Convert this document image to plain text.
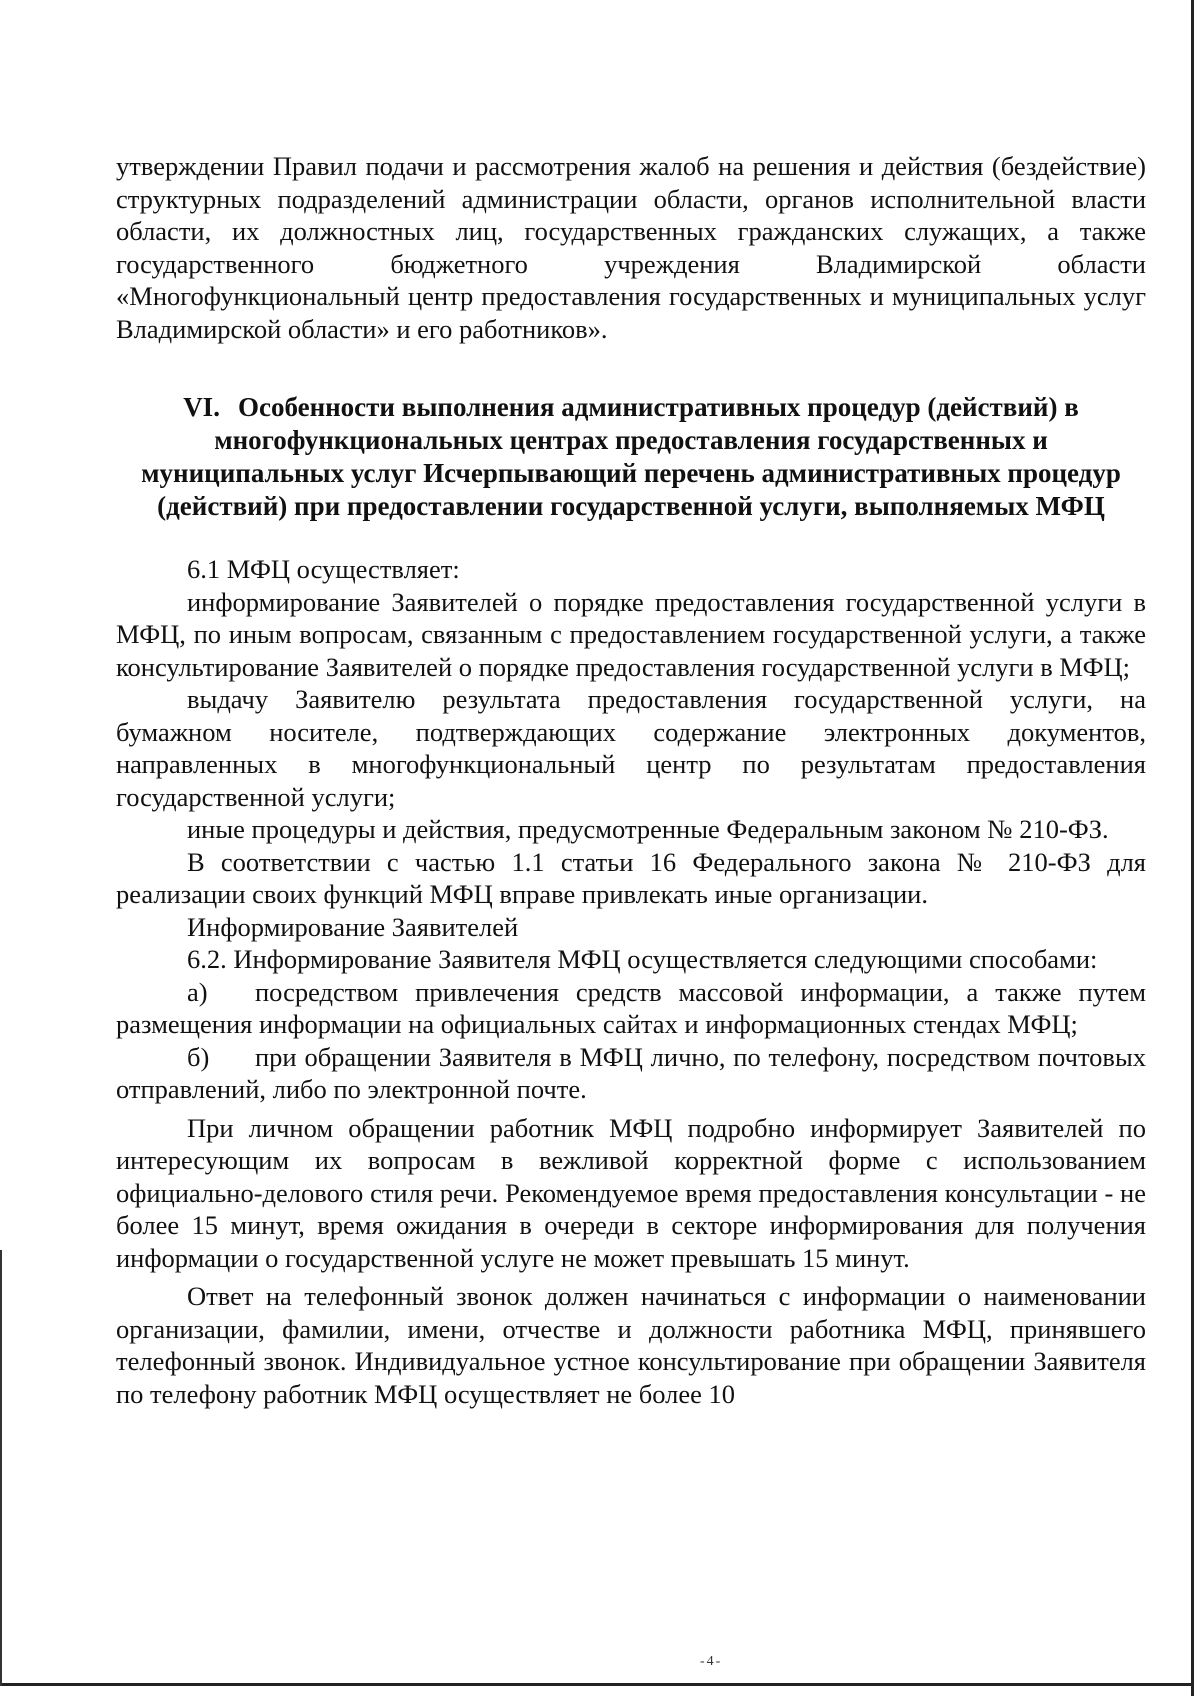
утверждении Правил подачи и рассмотрения жалоб на решения и действия (бездействие) структурных подразделений администрации области, органов исполнительной власти области, их должностных лиц, государственных гражданских служащих, а также государственного бюджетного учреждения Владимирской области «Многофункциональный центр предоставления государственных и муниципальных услуг Владимирской области» и его работников».

VI. Особенности выполнения административных процедур (действий) в многофункциональных центрах предоставления государственных и муниципальных услуг Исчерпывающий перечень административных процедур (действий) при предоставлении государственной услуги, выполняемых МФЦ

6.1 МФЦ осуществляет:

информирование Заявителей о порядке предоставления государственной услуги в МФЦ, по иным вопросам, связанным с предоставлением государственной услуги, а также консультирование Заявителей о порядке предоставления государственной услуги в МФЦ;

выдачу Заявителю результата предоставления государственной услуги, на бумажном носителе, подтверждающих содержание электронных документов, направленных в многофункциональный центр по результатам предоставления государственной услуги;

иные процедуры и действия, предусмотренные Федеральным законом № 210-ФЗ.

В соответствии с частью 1.1 статьи 16 Федерального закона № 210-ФЗ для реализации своих функций МФЦ вправе привлекать иные организации.

Информирование Заявителей

6.2. Информирование Заявителя МФЦ осуществляется следующими способами:

а) посредством привлечения средств массовой информации, а также путем размещения информации на официальных сайтах и информационных стендах МФЦ;

б) при обращении Заявителя в МФЦ лично, по телефону, посредством почтовых отправлений, либо по электронной почте.

При личном обращении работник МФЦ подробно информирует Заявителей по интересующим их вопросам в вежливой корректной форме с использованием официально-делового стиля речи. Рекомендуемое время предоставления консультации - не более 15 минут, время ожидания в очереди в секторе информирования для получения информации о государственной услуге не может превышать 15 минут.

Ответ на телефонный звонок должен начинаться с информации о наименовании организации, фамилии, имени, отчестве и должности работника МФЦ, принявшего телефонный звонок. Индивидуальное устное консультирование при обращении Заявителя по телефону работник МФЦ осуществляет не более 10

-4-
